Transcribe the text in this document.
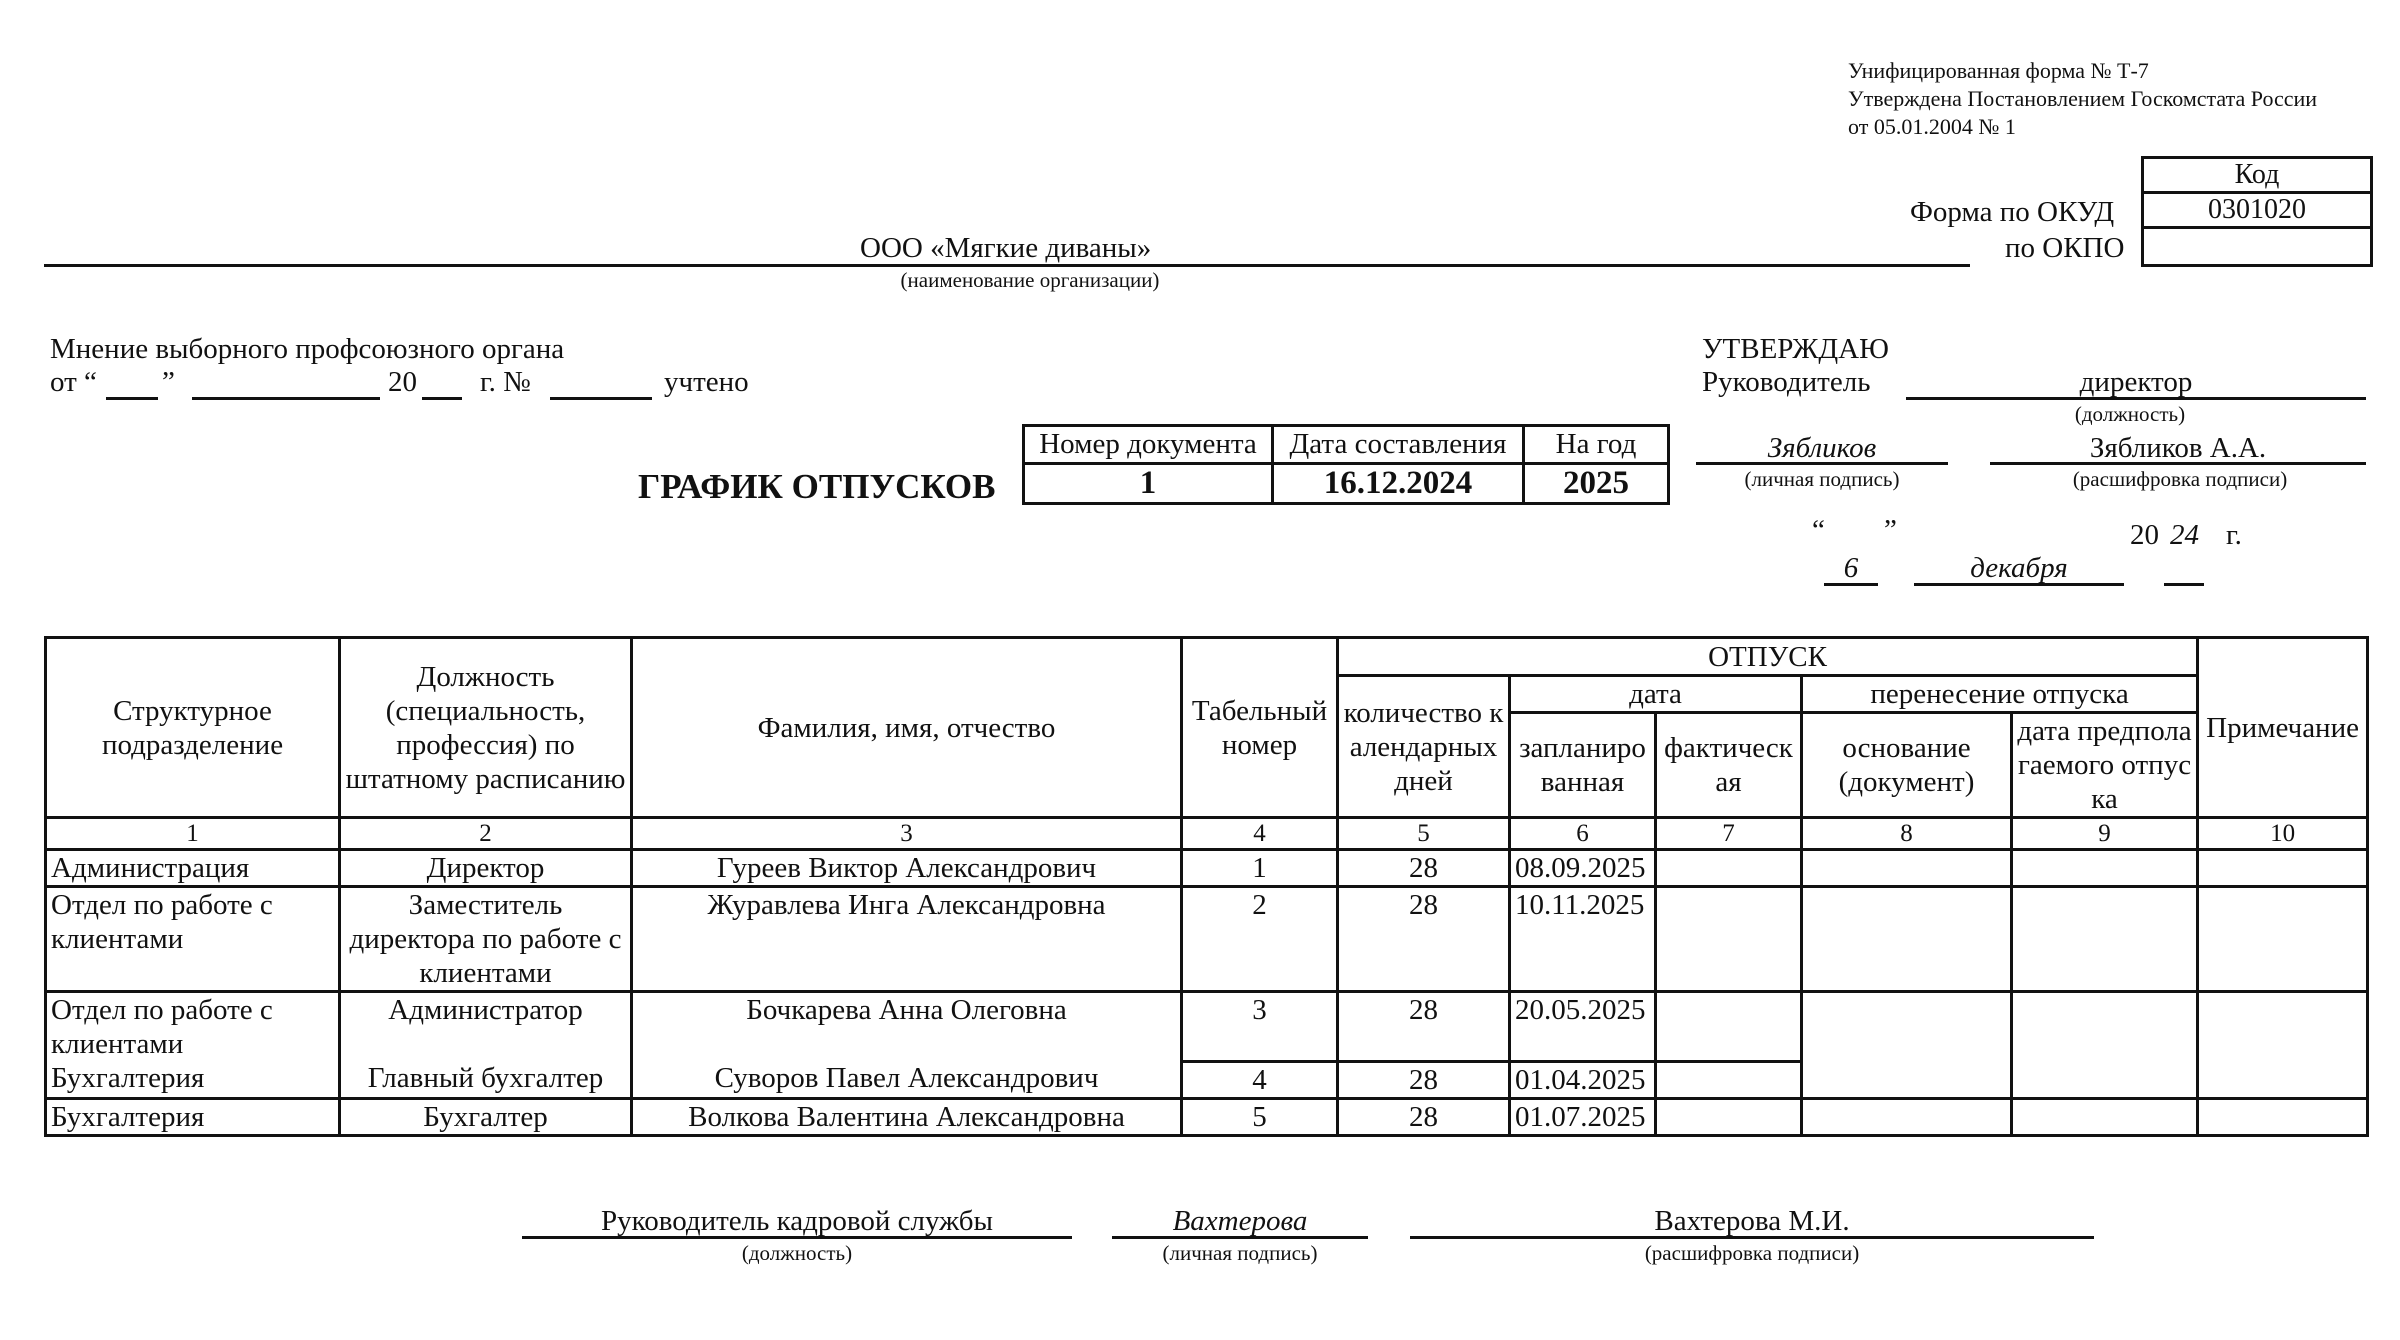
Унифицированная форма № Т-7
Утверждена Постановлением Госкомстата России
от 05.01.2004 № 1
Код
0301020

Форма по ОКУД
по ОКПО
ООО «Мягкие диваны»
(наименование организации)
Мнение выборного профсоюзного органа
от “ ”	20 г. №	учтено
УТВЕРЖДАЮ
Руководитель	директор
(должность)
Зябликов
(личная подпись)
Зябликов А.А.
(расшифровка подписи)
“ ”
6	декабря
20 24 г.
ГРАФИК ОТПУСКОВ
Номер документа	Дата составления	На год
1	16.12.2024	2025
Структурное подразделение	Должность (специальность, профессия) по штатному расписанию	Фамилия, имя, отчество	Табельный номер	ОТПУСК					Примечание
				количество календарных дней	дата		перенесение отпуска		
					запланированная	фактическая	основание (документ)	дата предполагаемого отпуска	
1	2	3	4	5	6	7	8	9	10
Администрация	Директор	Гуреев Виктор Александрович	1	28	08.09.2025				
Отдел по работе с клиентами	Заместитель директора по работе с клиентами	Журавлева Инга Александровна	2	28	10.11.2025				
Отдел по работе с клиентами	Администратор	Бочкарева Анна Олеговна	3	28	20.05.2025				
Бухгалтерия	Главный бухгалтер	Суворов Павел Александрович	4	28	01.04.2025				
Бухгалтерия	Бухгалтер	Волкова Валентина Александровна	5	28	01.07.2025				
Руководитель кадровой службы
(должность)
Вахтерова
(личная подпись)
Вахтерова М.И.
(расшифровка подписи)
